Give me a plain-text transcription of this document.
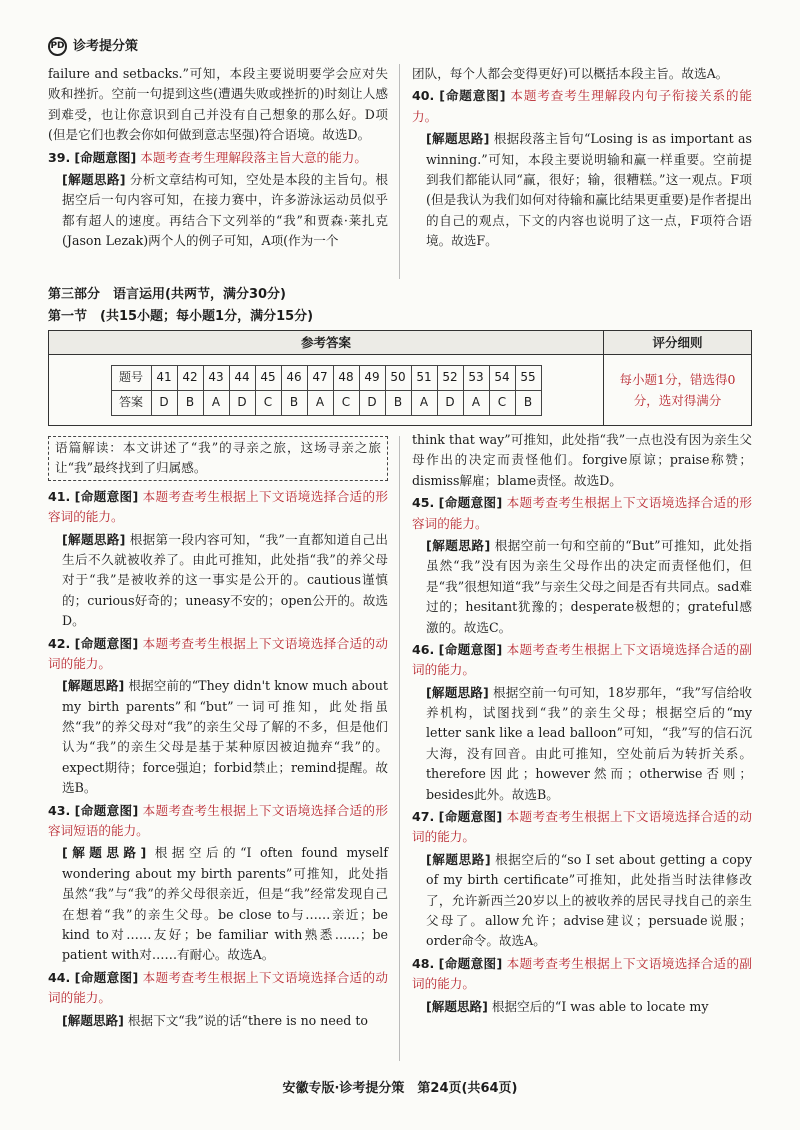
PD 诊考提分策

failure and setbacks.”可知，本段主要说明要学会应对失败和挫折。空前一句提到这些(遭遇失败或挫折的)时刻让人感到难受，也让你意识到自己并没有自己想象的那么好。D项(但是它们也教会你如何做到意志坚强)符合语境。故选D。

39. [命题意图] 本题考查考生理解段落主旨大意的能力。

[解题思路] 分析文章结构可知，空处是本段的主旨句。根据空后一句内容可知，在接力赛中，许多游泳运动员似乎都有超人的速度。再结合下文列举的“我”和贾森·莱扎克(Jason Lezak)两个人的例子可知，A项(作为一个

团队，每个人都会变得更好)可以概括本段主旨。故选A。

40. [命题意图] 本题考查考生理解段内句子衔接关系的能力。

[解题思路] 根据段落主旨句“Losing is as important as winning.”可知，本段主要说明输和赢一样重要。空前提到我们都能认同“赢，很好；输，很糟糕。”这一观点。F项(但是我认为我们如何对待输和赢比结果更重要)是作者提出的自己的观点，下文的内容也说明了这一点，F项符合语境。故选F。

第三部分　语言运用(共两节，满分30分)
第一节　(共15小题；每小题1分，满分15分)
参考答案	评分细则
题号	41	42	43	44	45	46	47	48	49	50	51	52	53	54	55
答案	D	B	A	D	C	B	A	C	D	B	A	D	A	C	B
每小题1分，错选得0分，选对得满分

语篇解读：本文讲述了“我”的寻亲之旅，这场寻亲之旅让“我”最终找到了归属感。

41. [命题意图] 本题考查考生根据上下文语境选择合适的形容词的能力。

[解题思路] 根据第一段内容可知，“我”一直都知道自己出生后不久就被收养了。由此可推知，此处指“我”的养父母对于“我”是被收养的这一事实是公开的。cautious谨慎的；curious好奇的；uneasy不安的；open公开的。故选D。

42. [命题意图] 本题考查考生根据上下文语境选择合适的动词的能力。

[解题思路] 根据空前的“They didn't know much about my birth parents”和“but”一词可推知，此处指虽然“我”的养父母对“我”的亲生父母了解的不多，但是他们认为“我”的亲生父母是基于某种原因被迫抛弃“我”的。expect期待；force强迫；forbid禁止；remind提醒。故选B。

43. [命题意图] 本题考查考生根据上下文语境选择合适的形容词短语的能力。

[解题思路] 根据空后的“I often found myself wondering about my birth parents”可推知，此处指虽然“我”与“我”的养父母很亲近，但是“我”经常发现自己在想着“我”的亲生父母。be close to与……亲近；be kind to对……友好；be familiar with熟悉……；be patient with对……有耐心。故选A。

44. [命题意图] 本题考查考生根据上下文语境选择合适的动词的能力。

[解题思路] 根据下文“我”说的话“there is no need to

think that way”可推知，此处指“我”一点也没有因为亲生父母作出的决定而责怪他们。forgive原谅；praise称赞；dismiss解雇；blame责怪。故选D。

45. [命题意图] 本题考查考生根据上下文语境选择合适的形容词的能力。

[解题思路] 根据空前一句和空前的“But”可推知，此处指虽然“我”没有因为亲生父母作出的决定而责怪他们，但是“我”很想知道“我”与亲生父母之间是否有共同点。sad难过的；hesitant犹豫的；desperate极想的；grateful感激的。故选C。

46. [命题意图] 本题考查考生根据上下文语境选择合适的副词的能力。

[解题思路] 根据空前一句可知，18岁那年，“我”写信给收养机构，试图找到“我”的亲生父母；根据空后的“my letter sank like a lead balloon”可知，“我”写的信石沉大海，没有回音。由此可推知，空处前后为转折关系。therefore因此；however然而；otherwise否则；besides此外。故选B。

47. [命题意图] 本题考查考生根据上下文语境选择合适的动词的能力。

[解题思路] 根据空后的“so I set about getting a copy of my birth certificate”可推知，此处指当时法律修改了，允许新西兰20岁以上的被收养的居民寻找自己的亲生父母了。allow允许；advise建议；persuade说服；order命令。故选A。

48. [命题意图] 本题考查考生根据上下文语境选择合适的副词的能力。

[解题思路] 根据空后的“I was able to locate my

安徽专版·诊考提分策　第24页(共64页)
